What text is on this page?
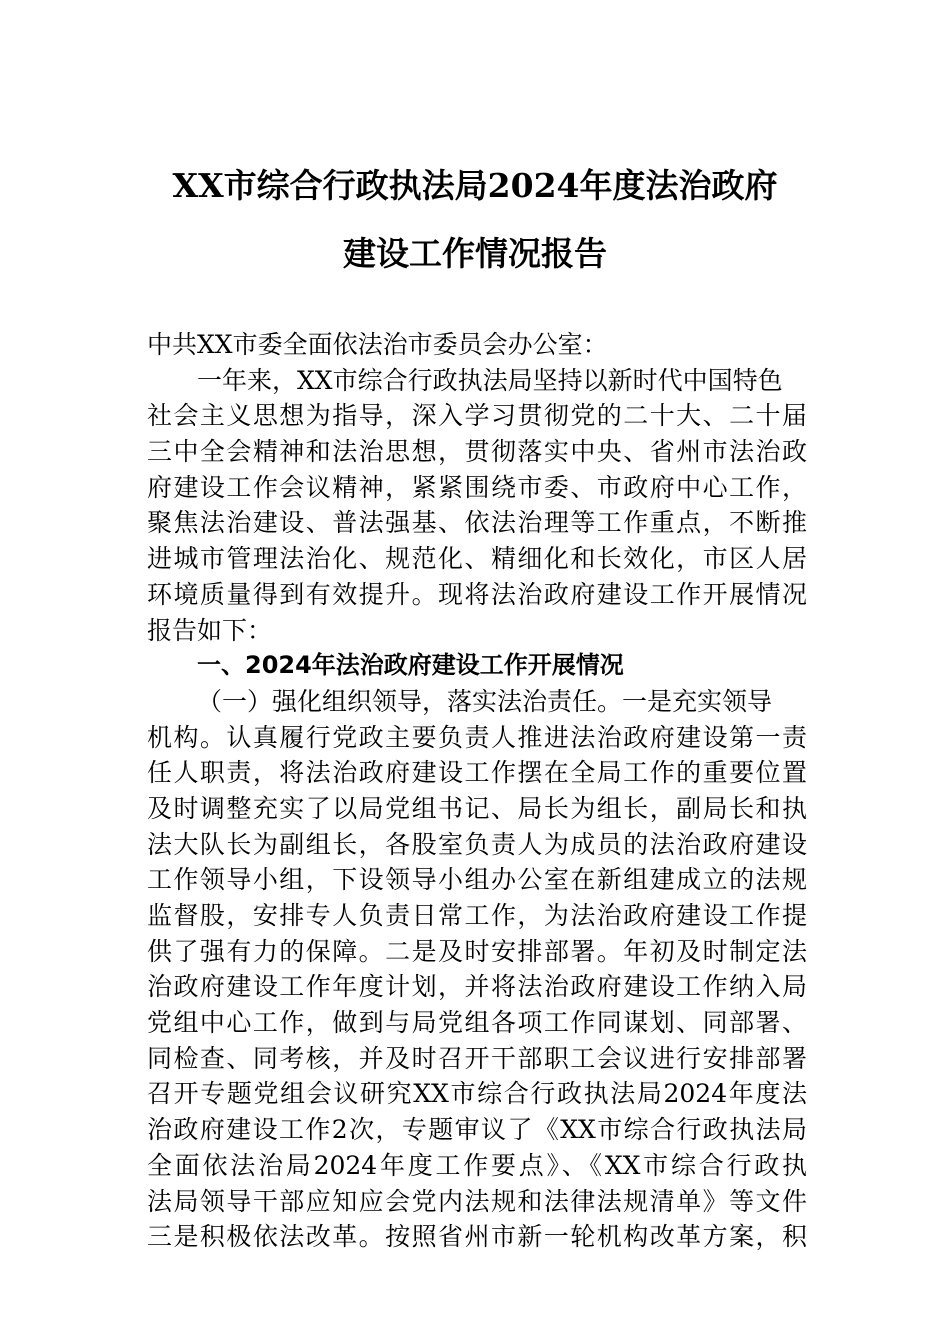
XX市综合行政执法局2024年度法治政府
建设工作情况报告
中共XX市委全面依法治市委员会办公室：
一年来，XX市综合行政执法局坚持以新时代中国特色
社会主义思想为指导，深入学习贯彻党的二十大、二十届
三中全会精神和法治思想，贯彻落实中央、省州市法治政
府建设工作会议精神，紧紧围绕市委、市政府中心工作，
聚焦法治建设、普法强基、依法治理等工作重点，不断推
进城市管理法治化、规范化、精细化和长效化，市区人居
环境质量得到有效提升。现将法治政府建设工作开展情况
报告如下：
一、2024年法治政府建设工作开展情况
（一）强化组织领导，落实法治责任。一是充实领导
机构。认真履行党政主要负责人推进法治政府建设第一责
任人职责，将法治政府建设工作摆在全局工作的重要位置
及时调整充实了以局党组书记、局长为组长，副局长和执
法大队长为副组长，各股室负责人为成员的法治政府建设
工作领导小组，下设领导小组办公室在新组建成立的法规
监督股，安排专人负责日常工作，为法治政府建设工作提
供了强有力的保障。二是及时安排部署。年初及时制定法
治政府建设工作年度计划，并将法治政府建设工作纳入局
党组中心工作，做到与局党组各项工作同谋划、同部署、
同检查、同考核，并及时召开干部职工会议进行安排部署
召开专题党组会议研究XX市综合行政执法局2024年度法
治政府建设工作2次，专题审议了《XX市综合行政执法局
全面依法治局2024年度工作要点》、《XX市综合行政执
法局领导干部应知应会党内法规和法律法规清单》等文件
三是积极依法改革。按照省州市新一轮机构改革方案，积
